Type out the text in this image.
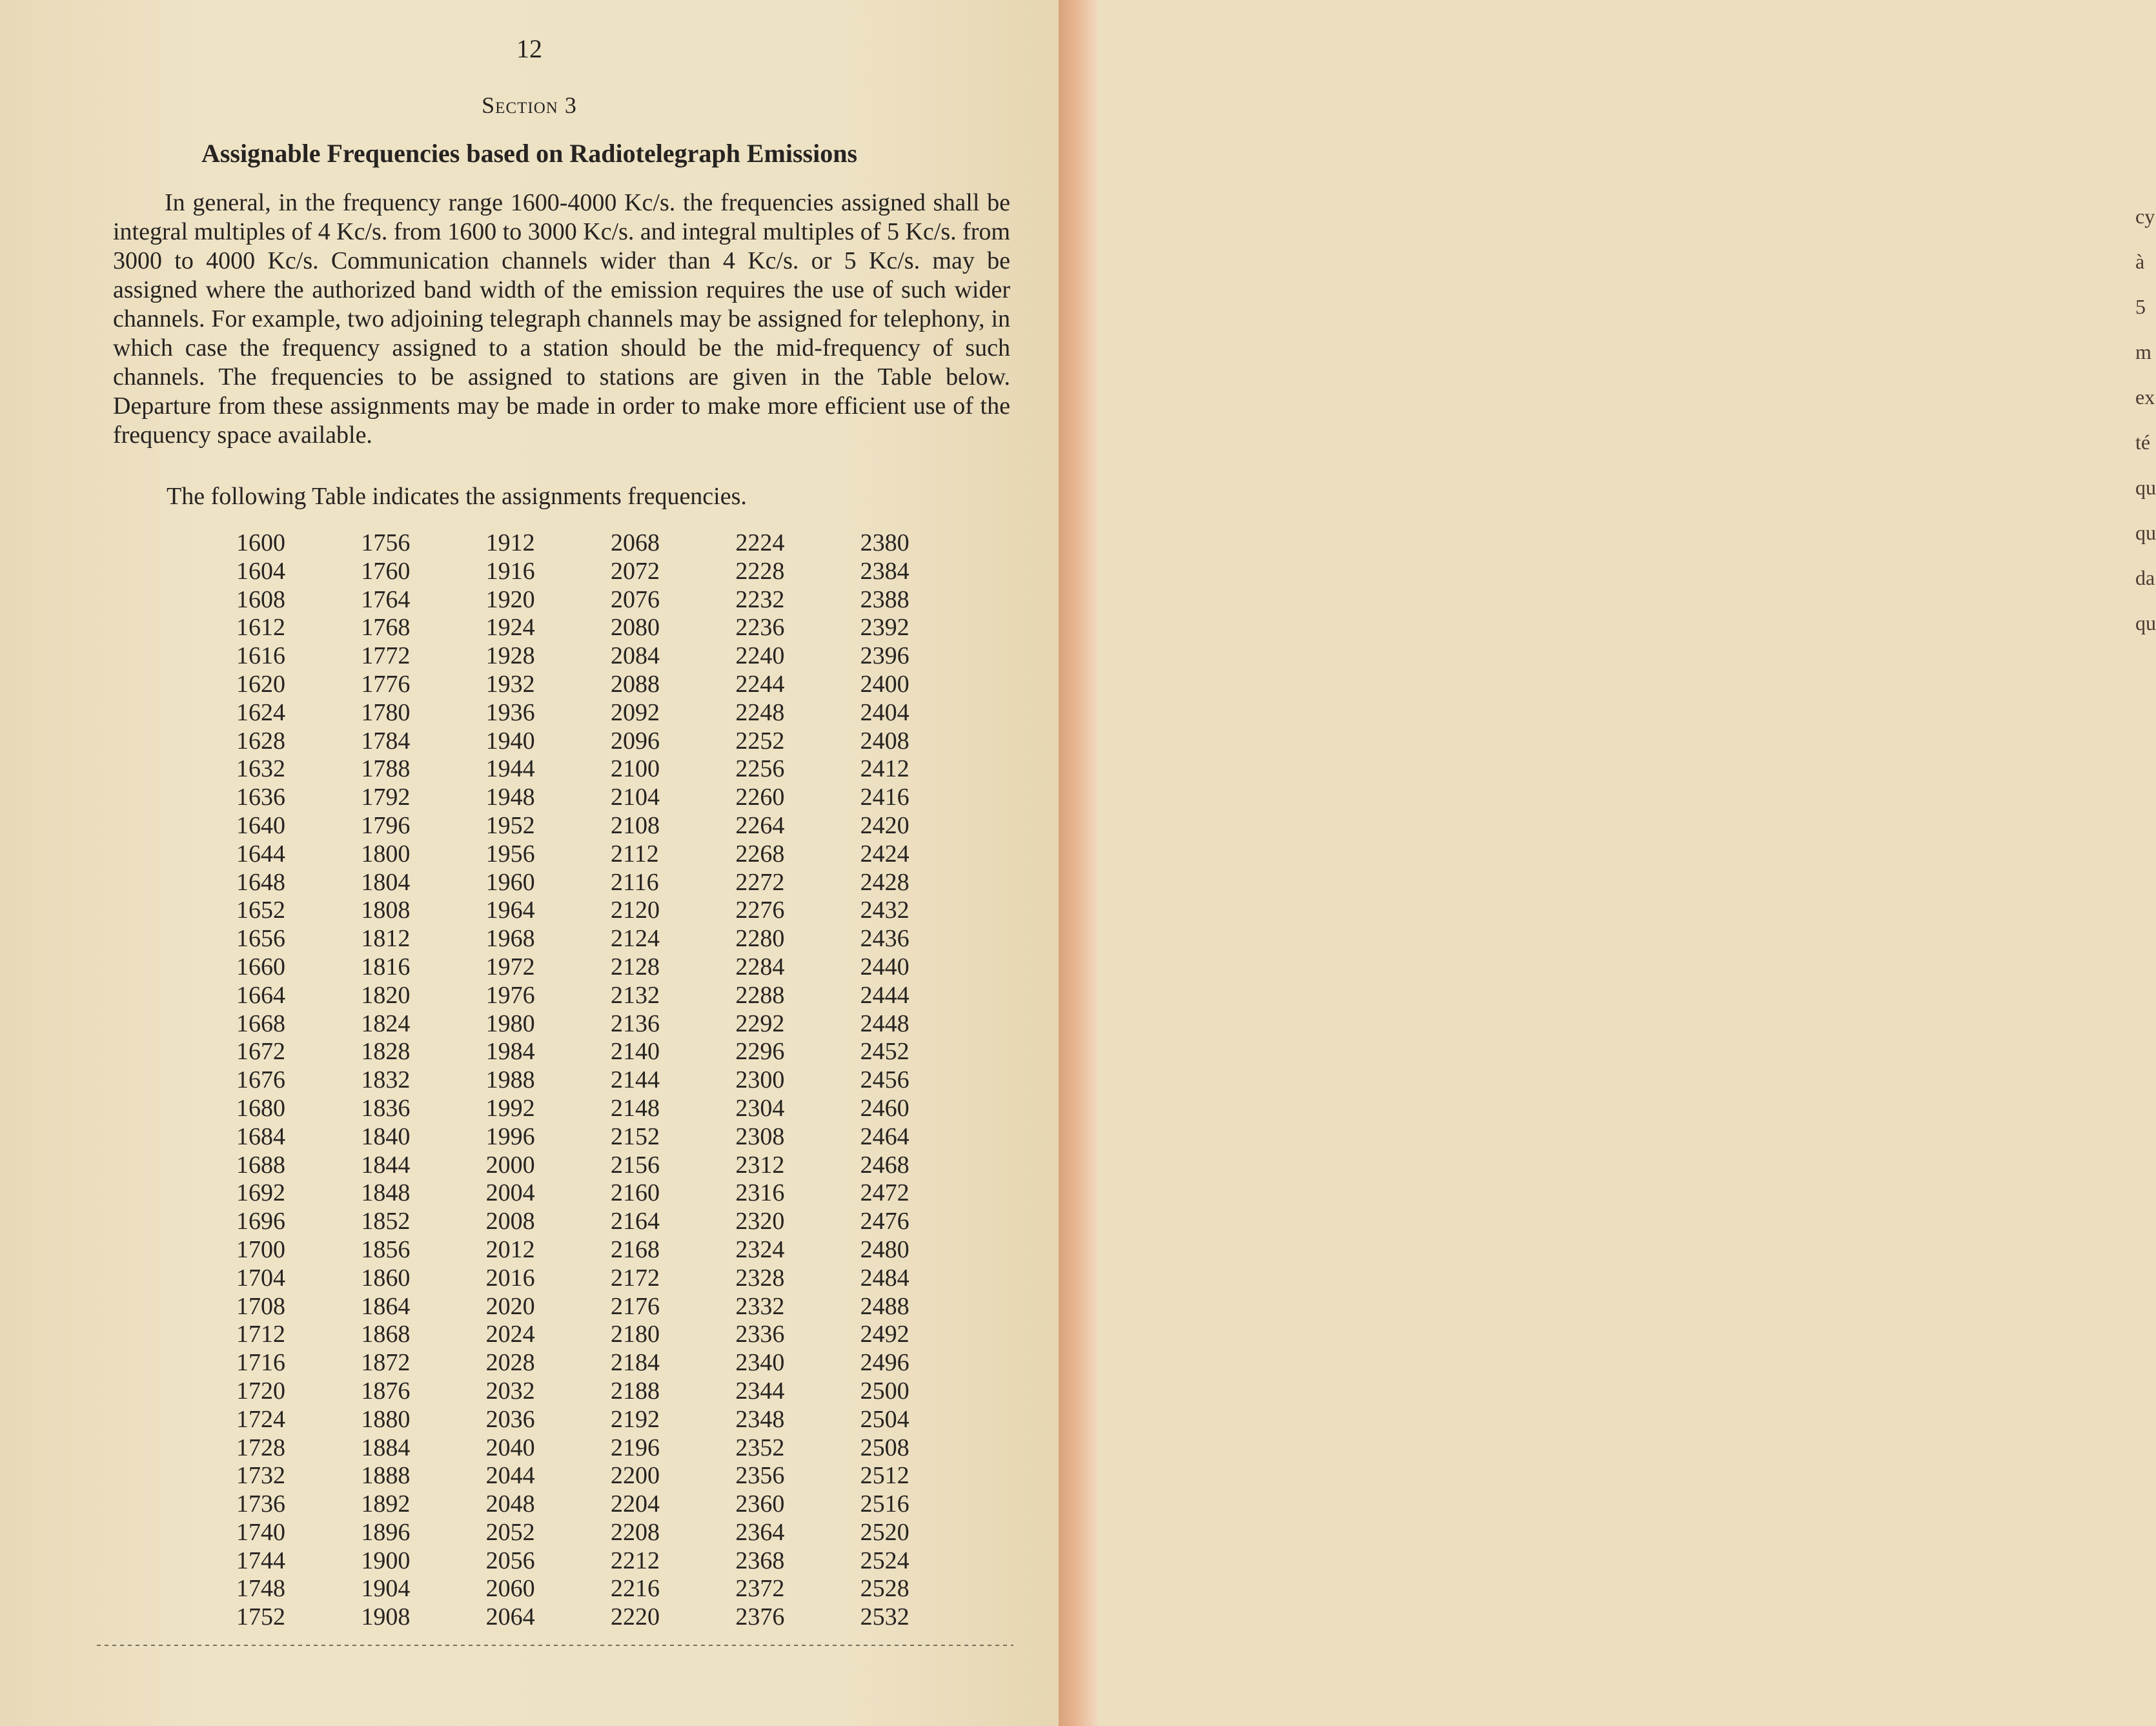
12
Section 3
Assignable Frequencies based on Radiotelegraph Emissions
In general, in the frequency range 1600-4000 Kc/s. the frequencies assigned shall be integral multiples of 4 Kc/s. from 1600 to 3000 Kc/s. and integral multiples of 5 Kc/s. from 3000 to 4000 Kc/s. Communication channels wider than 4 Kc/s. or 5 Kc/s. may be assigned where the authorized band width of the emission requires the use of such wider channels. For example, two adjoining telegraph channels may be assigned for telephony, in which case the frequency assigned to a station should be the mid-frequency of such channels. The frequencies to be assigned to stations are given in the Table below. Departure from these assignments may be made in order to make more efficient use of the frequency space available.
The following Table indicates the assignments frequencies.
1600
1604
1608
1612
1616
1620
1624
1628
1632
1636
1640
1644
1648
1652
1656
1660
1664
1668
1672
1676
1680
1684
1688
1692
1696
1700
1704
1708
1712
1716
1720
1724
1728
1732
1736
1740
1744
1748
1752
1756
1760
1764
1768
1772
1776
1780
1784
1788
1792
1796
1800
1804
1808
1812
1816
1820
1824
1828
1832
1836
1840
1844
1848
1852
1856
1860
1864
1868
1872
1876
1880
1884
1888
1892
1896
1900
1904
1908
1912
1916
1920
1924
1928
1932
1936
1940
1944
1948
1952
1956
1960
1964
1968
1972
1976
1980
1984
1988
1992
1996
2000
2004
2008
2012
2016
2020
2024
2028
2032
2036
2040
2044
2048
2052
2056
2060
2064
2068
2072
2076
2080
2084
2088
2092
2096
2100
2104
2108
2112
2116
2120
2124
2128
2132
2136
2140
2144
2148
2152
2156
2160
2164
2168
2172
2176
2180
2184
2188
2192
2196
2200
2204
2208
2212
2216
2220
2224
2228
2232
2236
2240
2244
2248
2252
2256
2260
2264
2268
2272
2276
2280
2284
2288
2292
2296
2300
2304
2308
2312
2316
2320
2324
2328
2332
2336
2340
2344
2348
2352
2356
2360
2364
2368
2372
2376
2380
2384
2388
2392
2396
2400
2404
2408
2412
2416
2420
2424
2428
2432
2436
2440
2444
2448
2452
2456
2460
2464
2468
2472
2476
2480
2484
2488
2492
2496
2500
2504
2508
2512
2516
2520
2524
2528
2532
cy
à
5
m
ex
té
qu
qu
da
qu
